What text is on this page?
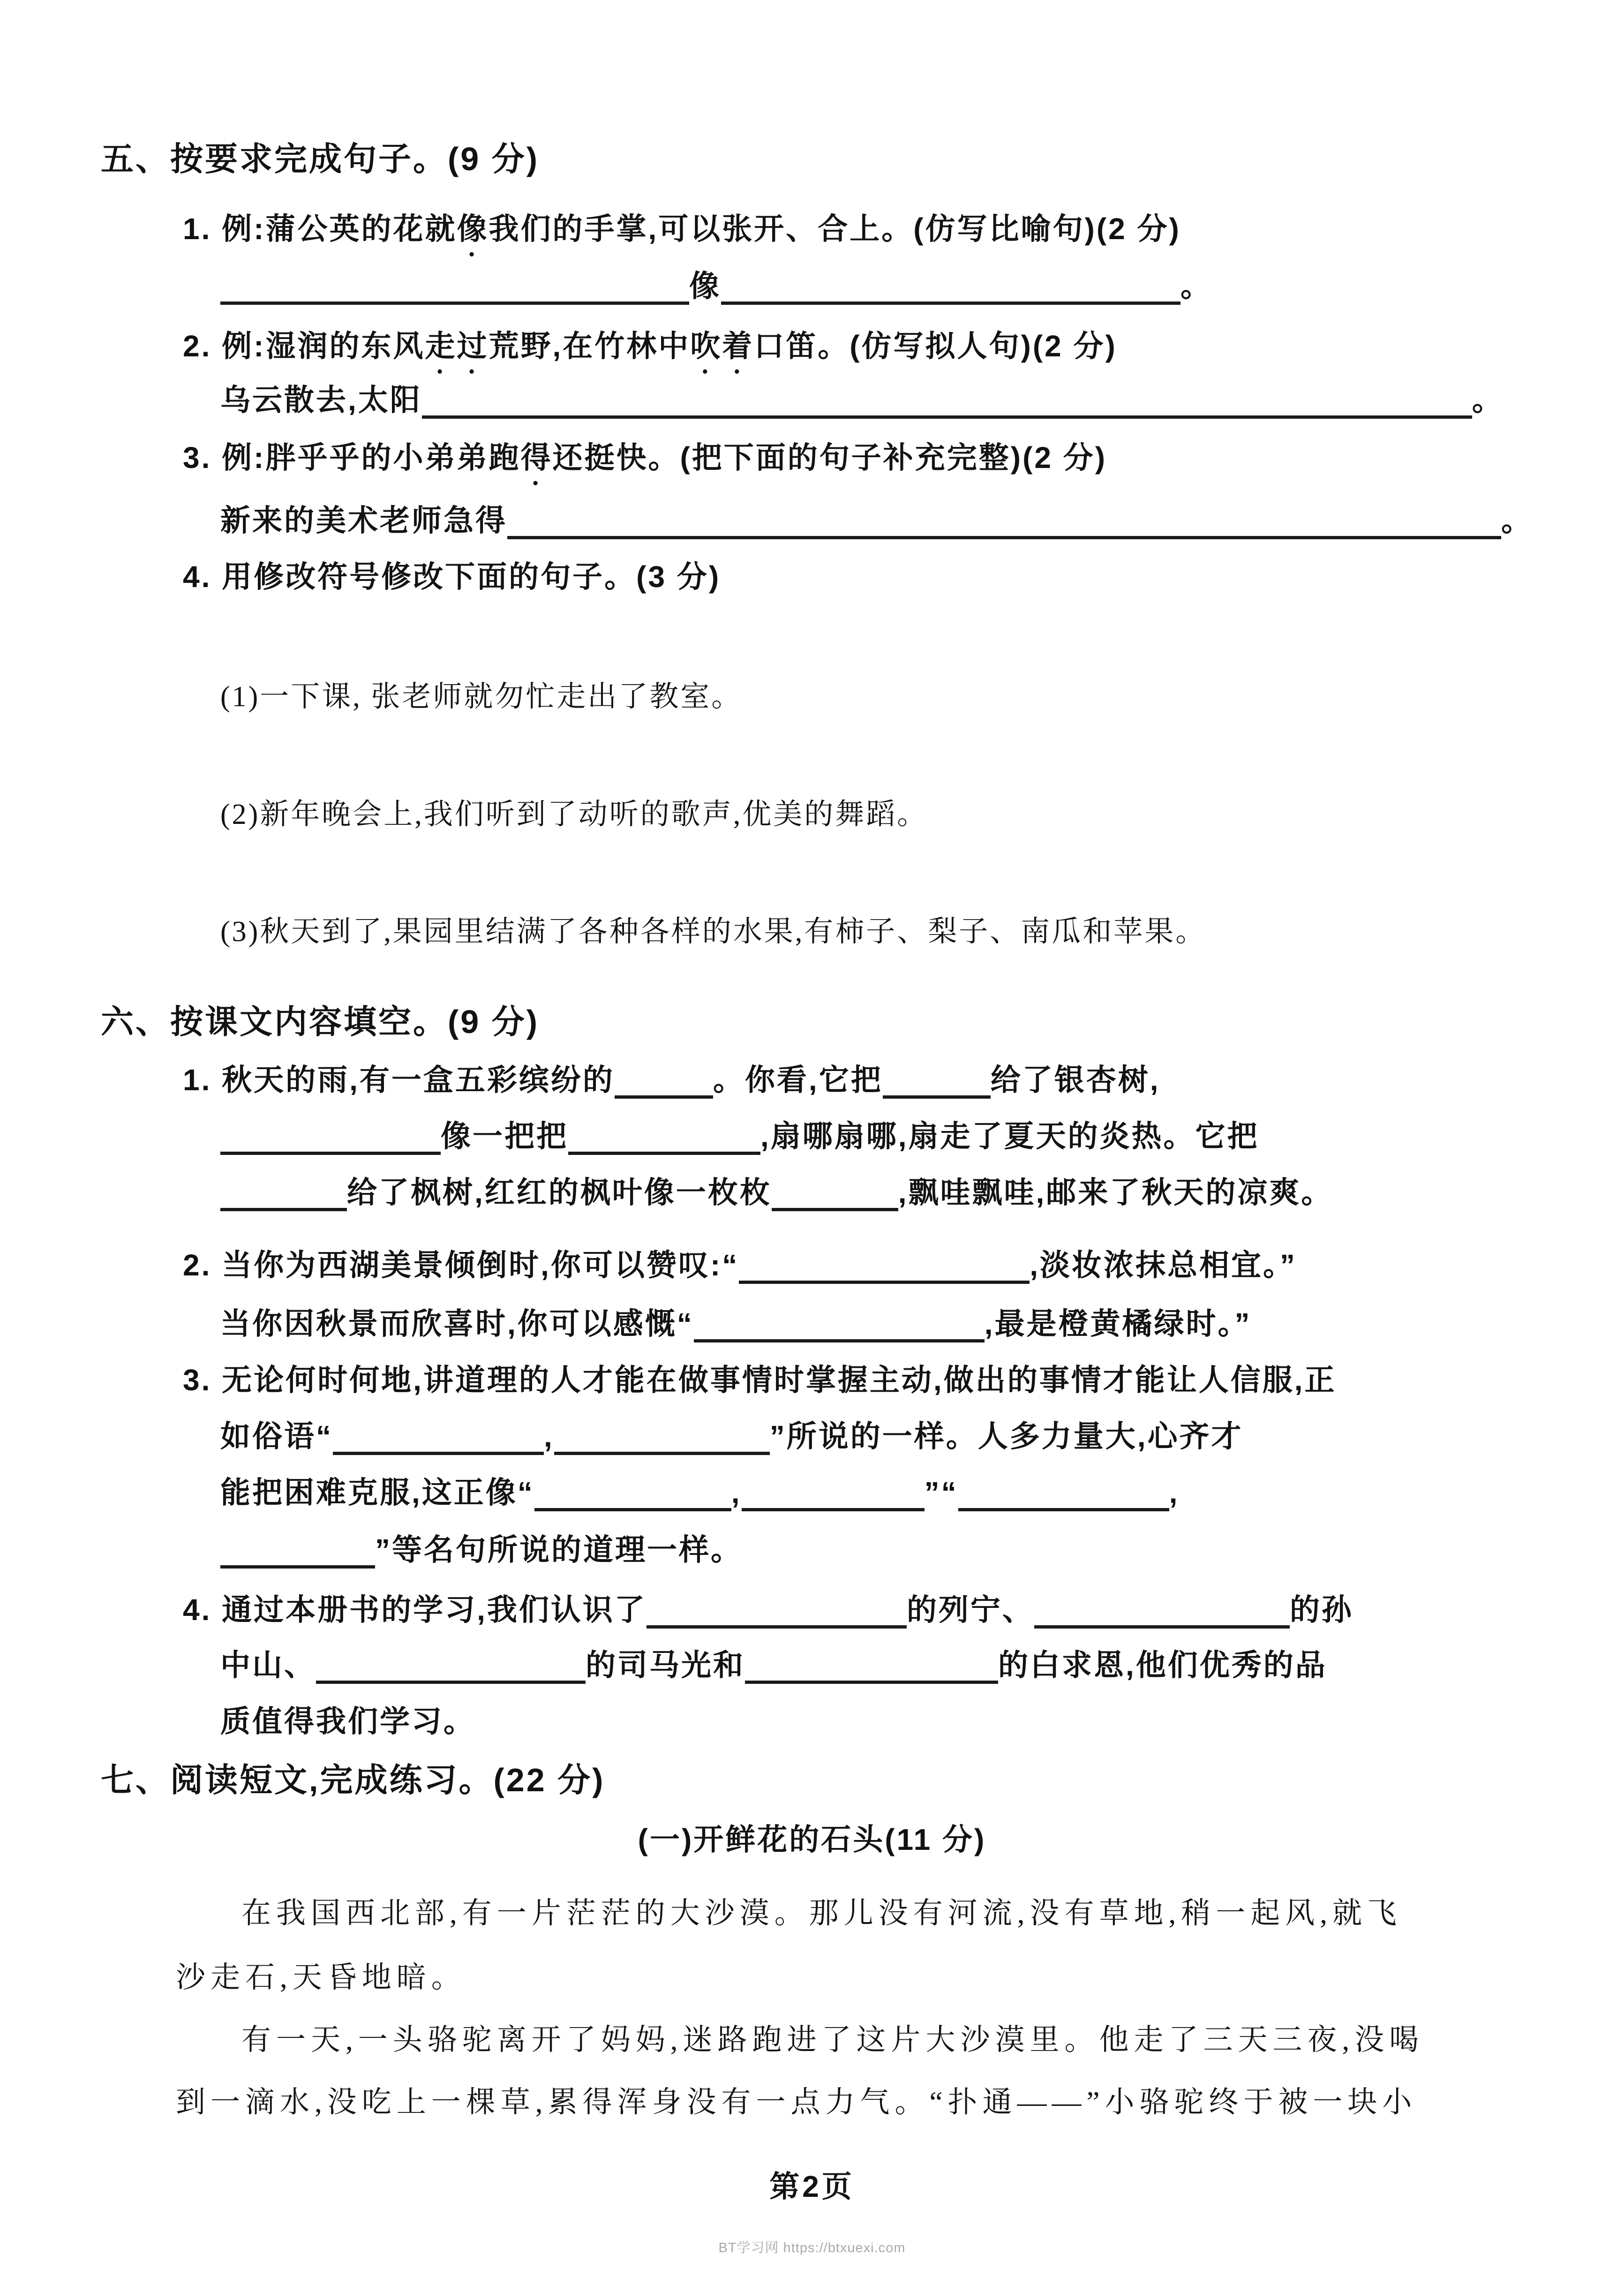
五、按要求完成句子。(9 分)
1. 例:蒲公英的花就像我们的手掌,可以张开、合上。(仿写比喻句)(2 分)
像	。
2. 例:湿润的东风走过荒野,在竹林中吹着口笛。(仿写拟人句)(2 分)
乌云散去,太阳	。
3. 例:胖乎乎的小弟弟跑得还挺快。(把下面的句子补充完整)(2 分)
新来的美术老师急得	。
4. 用修改符号修改下面的句子。(3 分)
(1)一下课, 张老师就勿忙走出了教室。
(2)新年晚会上,我们听到了动听的歌声,优美的舞蹈。
(3)秋天到了,果园里结满了各种各样的水果,有柿子、梨子、南瓜和苹果。
六、按课文内容填空。(9 分)
1. 秋天的雨,有一盒五彩缤纷的	。你看,它把	给了银杏树,
像一把把	,扇哪扇哪,扇走了夏天的炎热。它把
给了枫树,红红的枫叶像一枚枚	,飘哇飘哇,邮来了秋天的凉爽。
2. 当你为西湖美景倾倒时,你可以赞叹:“	,淡妆浓抹总相宜。”
当你因秋景而欣喜时,你可以感慨“	,最是橙黄橘绿时。”
3. 无论何时何地,讲道理的人才能在做事情时掌握主动,做出的事情才能让人信服,正
如俗语“	,	”所说的一样。人多力量大,心齐才
能把困难克服,这正像“	,	”“	,
”等名句所说的道理一样。
4. 通过本册书的学习,我们认识了	的列宁、	的孙
中山、	的司马光和	的白求恩,他们优秀的品
质值得我们学习。
七、阅读短文,完成练习。(22 分)
(一)开鲜花的石头(11 分)
在我国西北部,有一片茫茫的大沙漠。那儿没有河流,没有草地,稍一起风,就飞
沙走石,天昏地暗。
有一天,一头骆驼离开了妈妈,迷路跑进了这片大沙漠里。他走了三天三夜,没喝
到一滴水,没吃上一棵草,累得浑身没有一点力气。“扑通——”小骆驼终于被一块小
第2页
BT学习网 https://btxuexi.com
